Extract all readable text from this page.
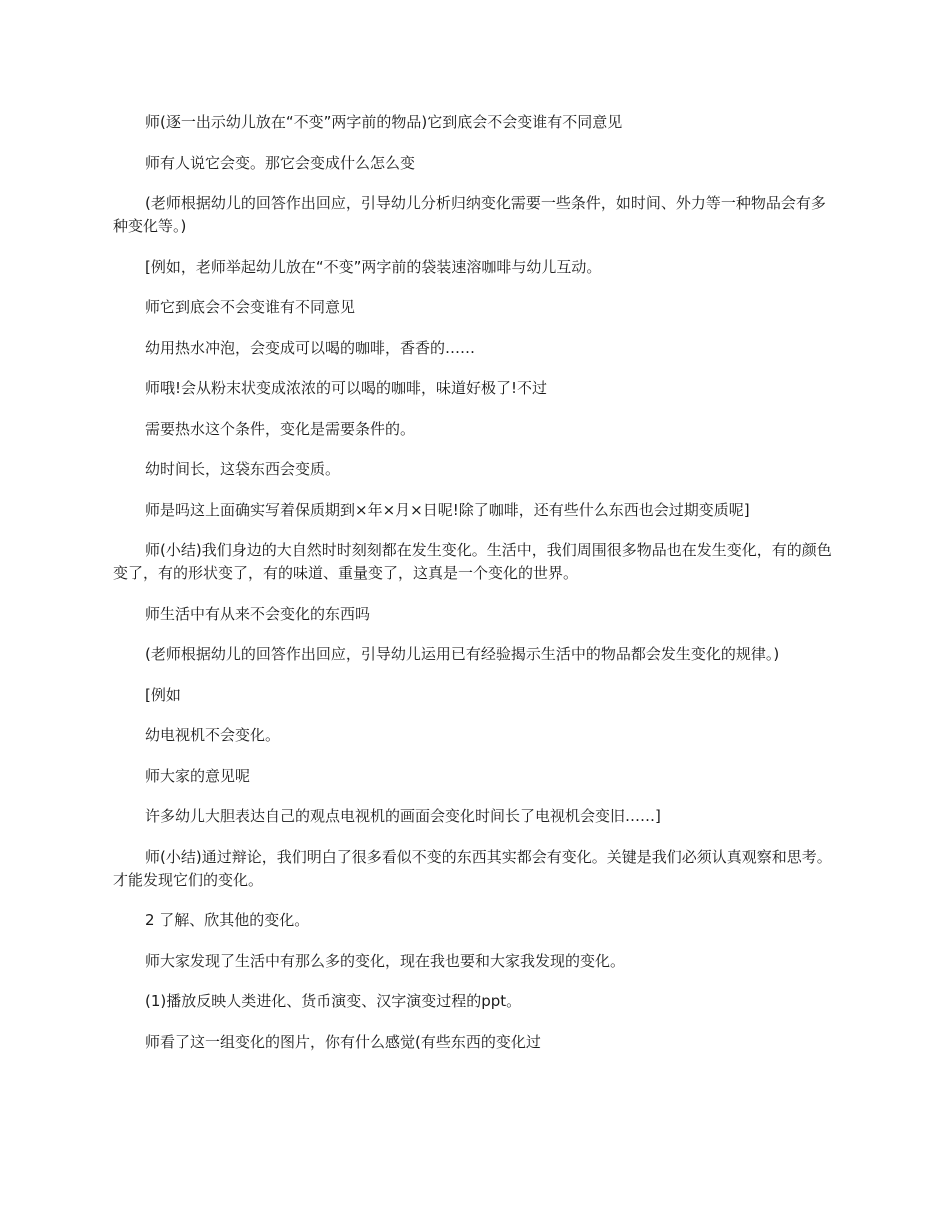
师(逐一出示幼儿放在“不变”两字前的物品)它到底会不会变谁有不同意见

师有人说它会变。那它会变成什么怎么变

(老师根据幼儿的回答作出回应，引导幼儿分析归纳变化需要一些条件，如时间、外力等一种物品会有多种变化等。)

[例如，老师举起幼儿放在“不变”两字前的袋装速溶咖啡与幼儿互动。

师它到底会不会变谁有不同意见

幼用热水冲泡，会变成可以喝的咖啡，香香的……

师哦!会从粉末状变成浓浓的可以喝的咖啡，味道好极了!不过

需要热水这个条件，变化是需要条件的。

幼时间长，这袋东西会变质。

师是吗这上面确实写着保质期到×年×月×日呢!除了咖啡，还有些什么东西也会过期变质呢]

师(小结)我们身边的大自然时时刻刻都在发生变化。生活中，我们周围很多物品也在发生变化，有的颜色变了，有的形状变了，有的味道、重量变了，这真是一个变化的世界。

师生活中有从来不会变化的东西吗

(老师根据幼儿的回答作出回应，引导幼儿运用已有经验揭示生活中的物品都会发生变化的规律。)

[例如

幼电视机不会变化。

师大家的意见呢

许多幼儿大胆表达自己的观点电视机的画面会变化时间长了电视机会变旧……]

师(小结)通过辩论，我们明白了很多看似不变的东西其实都会有变化。关键是我们必须认真观察和思考。才能发现它们的变化。

2 了解、欣其他的变化。

师大家发现了生活中有那么多的变化，现在我也要和大家我发现的变化。

(1)播放反映人类进化、货币演变、汉字演变过程的ppt。

师看了这一组变化的图片，你有什么感觉(有些东西的变化过
